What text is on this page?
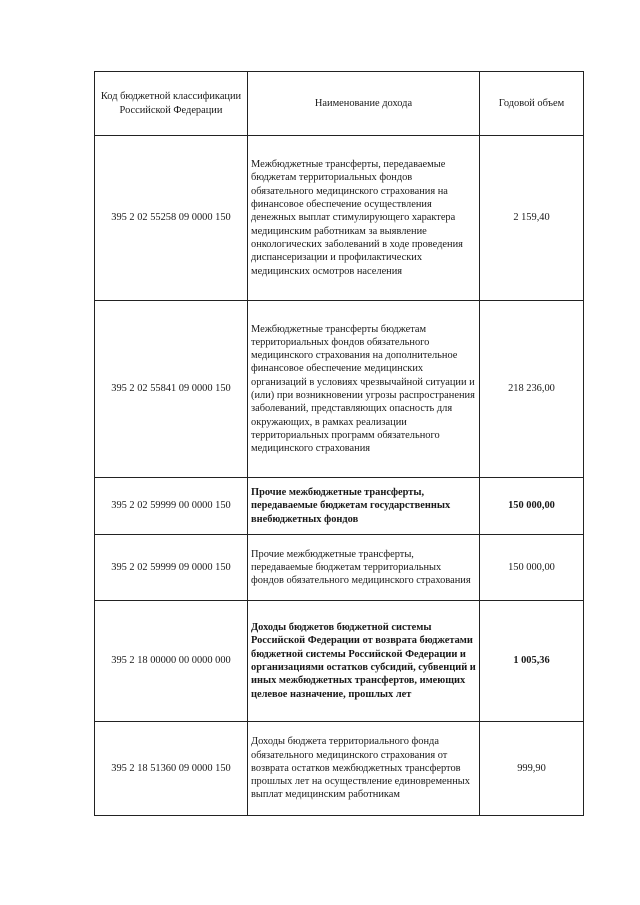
Код бюджетной классификации Российской Федерации	Наименование дохода	Годовой объем
395 2 02 55258 09 0000 150	Межбюджетные трансферты, передаваемые бюджетам территориальных фондов обязательного медицинского страхования на финансовое обеспечение осуществления денежных выплат стимулирующего характера медицинским работникам за выявление онкологических заболеваний в ходе проведения диспансеризации и профилактических медицинских осмотров населения	2 159,40
395 2 02 55841 09 0000 150	Межбюджетные трансферты бюджетам территориальных фондов обязательного медицинского страхования на дополнительное финансовое обеспечение медицинских организаций в условиях чрезвычайной ситуации и (или) при возникновении угрозы распространения заболеваний, представляющих опасность для окружающих, в рамках реализации территориальных программ обязательного медицинского страхования	218 236,00
395 2 02 59999 00 0000 150	Прочие межбюджетные трансферты, передаваемые бюджетам государственных внебюджетных фондов	150 000,00
395 2 02 59999 09 0000 150	Прочие межбюджетные трансферты, передаваемые бюджетам территориальных фондов обязательного медицинского страхования	150 000,00
395 2 18 00000 00 0000 000	Доходы бюджетов бюджетной системы Российской Федерации от возврата бюджетами бюджетной системы Российской Федерации и организациями остатков субсидий, субвенций и иных межбюджетных трансфертов, имеющих целевое назначение, прошлых лет	1 005,36
395 2 18 51360 09 0000 150	Доходы бюджета территориального фонда обязательного медицинского страхования от возврата остатков межбюджетных трансфертов прошлых лет на осуществление единовременных выплат медицинским работникам	999,90
